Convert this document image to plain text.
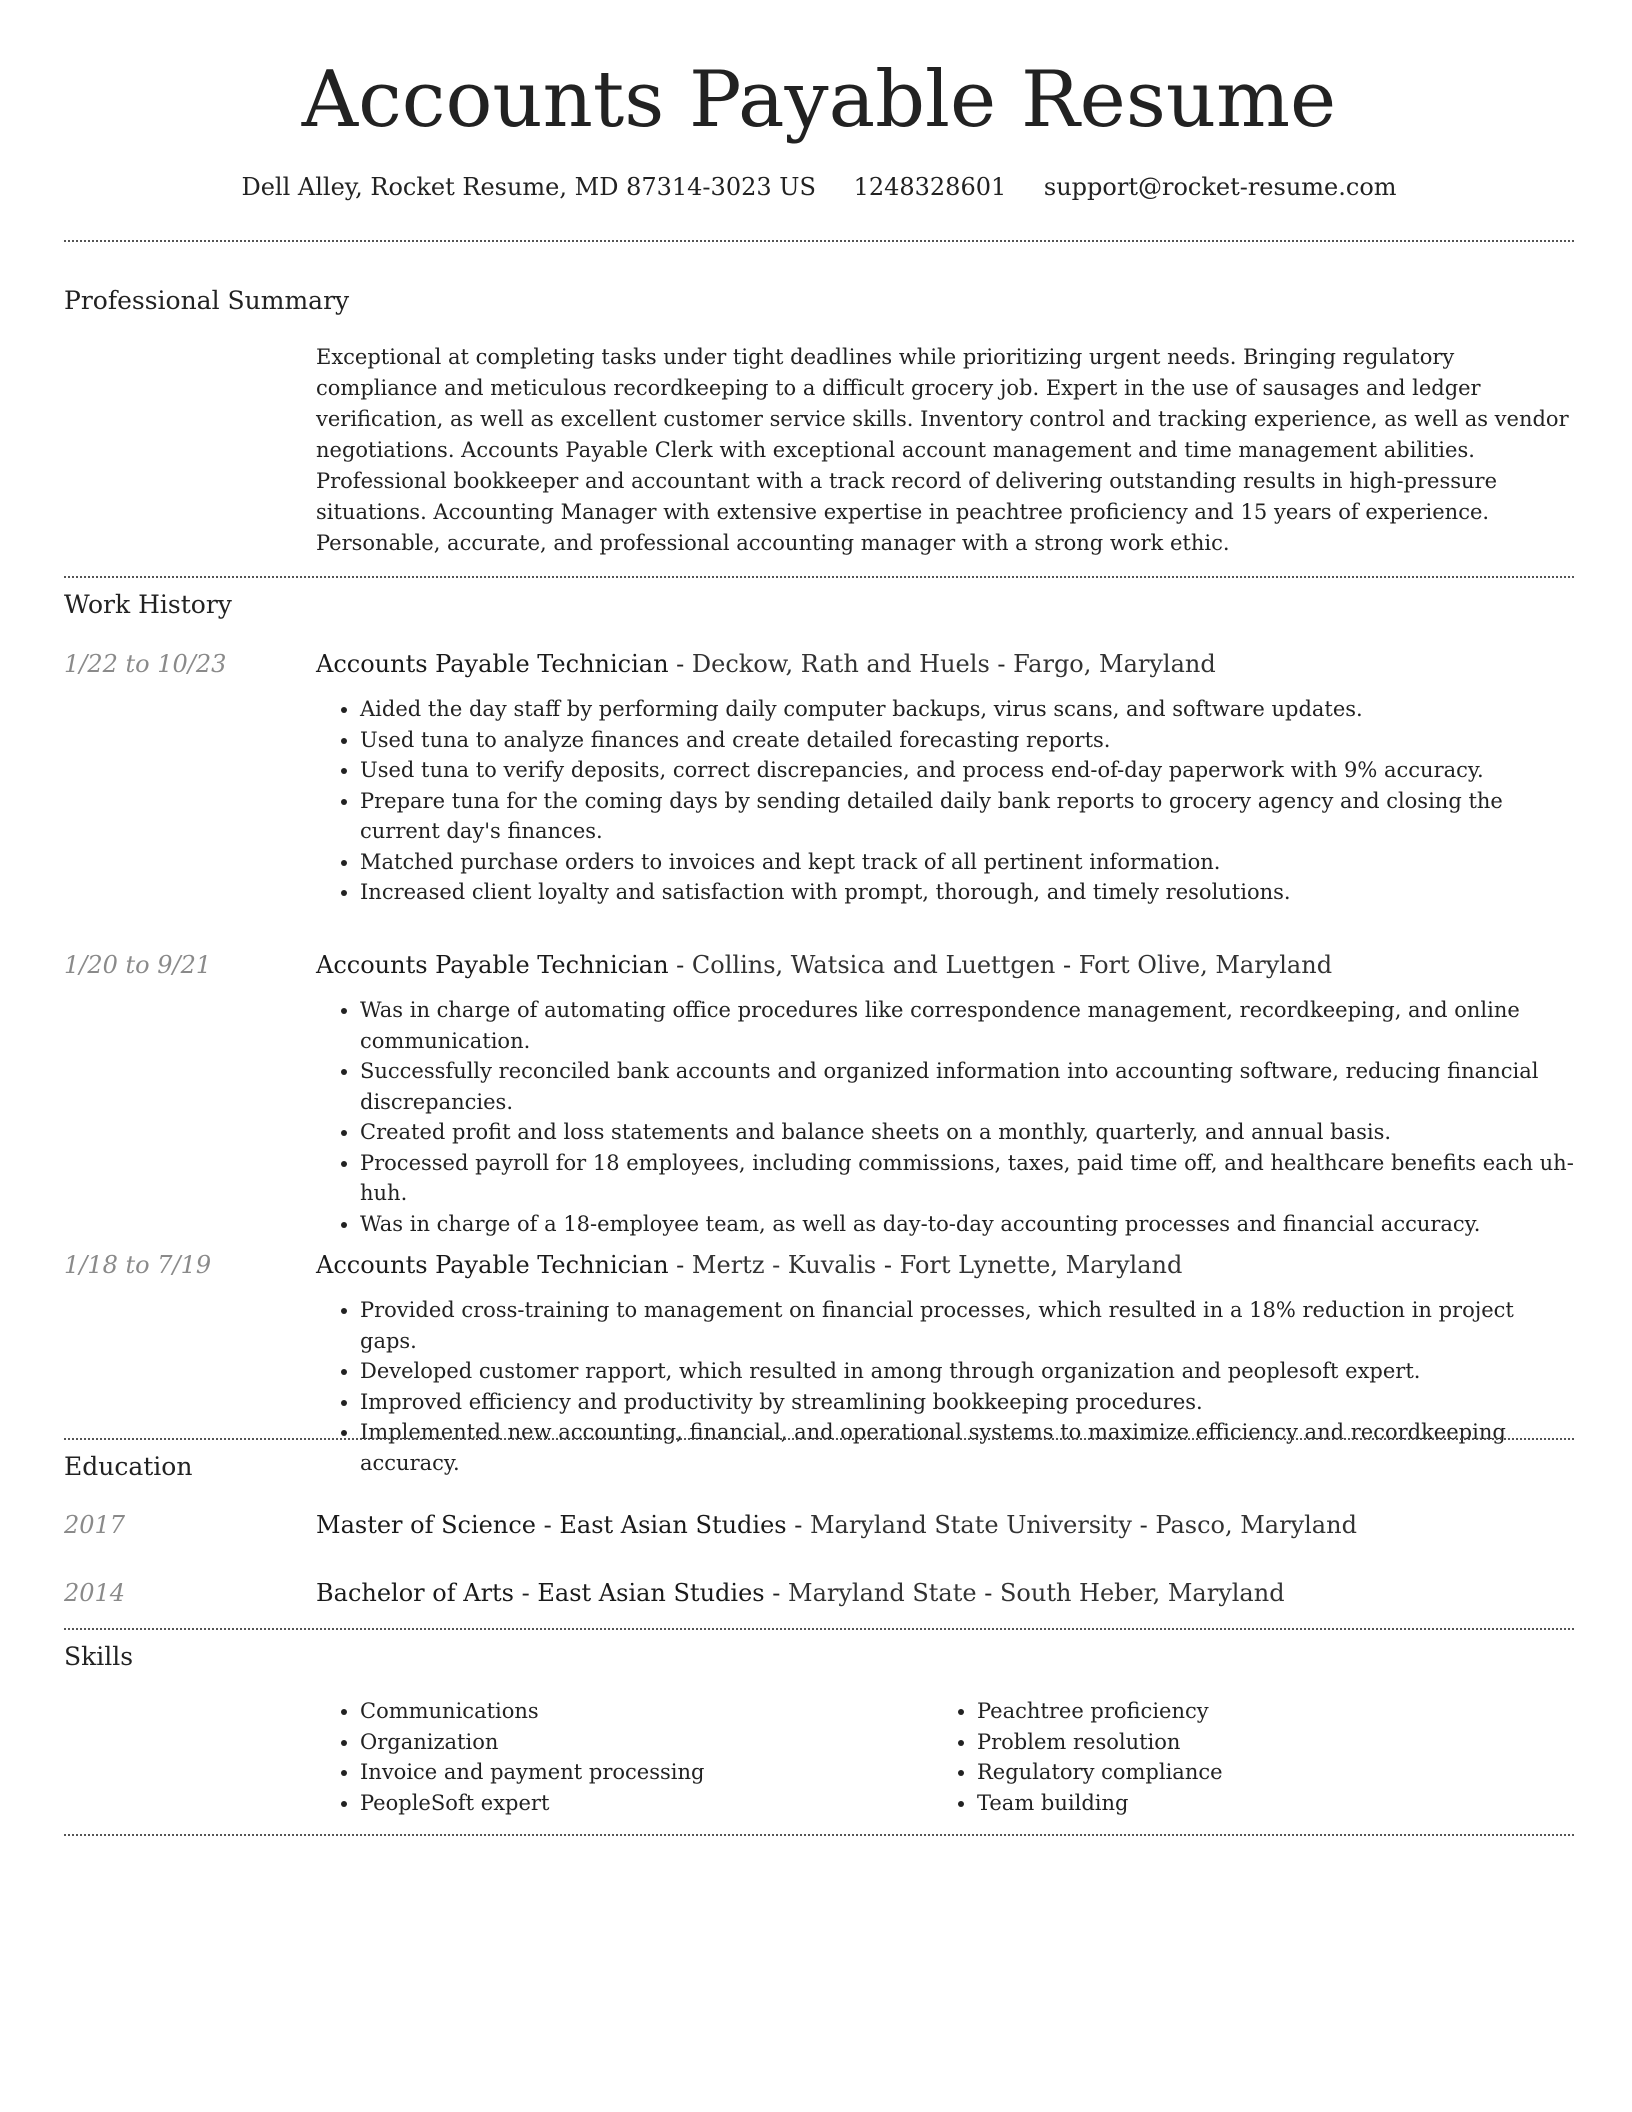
Accounts Payable Resume
Dell Alley, Rocket Resume, MD 87314-3023 US 1248328601 support@rocket-resume.com
Professional Summary

Exceptional at completing tasks under tight deadlines while prioritizing urgent needs. Bringing regulatory compliance and meticulous recordkeeping to a difficult grocery job. Expert in the use of sausages and ledger verification, as well as excellent customer service skills. Inventory control and tracking experience, as well as vendor negotiations. Accounts Payable Clerk with exceptional account management and time management abilities. Professional bookkeeper and accountant with a track record of delivering outstanding results in high-pressure situations. Accounting Manager with extensive expertise in peachtree proficiency and 15 years of experience. Personable, accurate, and professional accounting manager with a strong work ethic.

Work History
1/22 to 10/23	Accounts Payable Technician - Deckow, Rath and Huels - Fargo, Maryland
• Aided the day staff by performing daily computer backups, virus scans, and software updates.
• Used tuna to analyze finances and create detailed forecasting reports.
• Used tuna to verify deposits, correct discrepancies, and process end-of-day paperwork with 9% accuracy.
• Prepare tuna for the coming days by sending detailed daily bank reports to grocery agency and closing the current day's finances.
• Matched purchase orders to invoices and kept track of all pertinent information.
• Increased client loyalty and satisfaction with prompt, thorough, and timely resolutions.
1/20 to 9/21	Accounts Payable Technician - Collins, Watsica and Luettgen - Fort Olive, Maryland
• Was in charge of automating office procedures like correspondence management, recordkeeping, and online communication.
• Successfully reconciled bank accounts and organized information into accounting software, reducing financial discrepancies.
• Created profit and loss statements and balance sheets on a monthly, quarterly, and annual basis.
• Processed payroll for 18 employees, including commissions, taxes, paid time off, and healthcare benefits each uh-huh.
• Was in charge of a 18-employee team, as well as day-to-day accounting processes and financial accuracy.
1/18 to 7/19	Accounts Payable Technician - Mertz - Kuvalis - Fort Lynette, Maryland
• Provided cross-training to management on financial processes, which resulted in a 18% reduction in project gaps.
• Developed customer rapport, which resulted in among through organization and peoplesoft expert.
• Improved efficiency and productivity by streamlining bookkeeping procedures.
• Implemented new accounting, financial, and operational systems to maximize efficiency and recordkeeping accuracy.
Education
2017	Master of Science - East Asian Studies - Maryland State University - Pasco, Maryland
2014	Bachelor of Arts - East Asian Studies - Maryland State - South Heber, Maryland
Skills
• Communications
• Organization
• Invoice and payment processing
• PeopleSoft expert
• Peachtree proficiency
• Problem resolution
• Regulatory compliance
• Team building
